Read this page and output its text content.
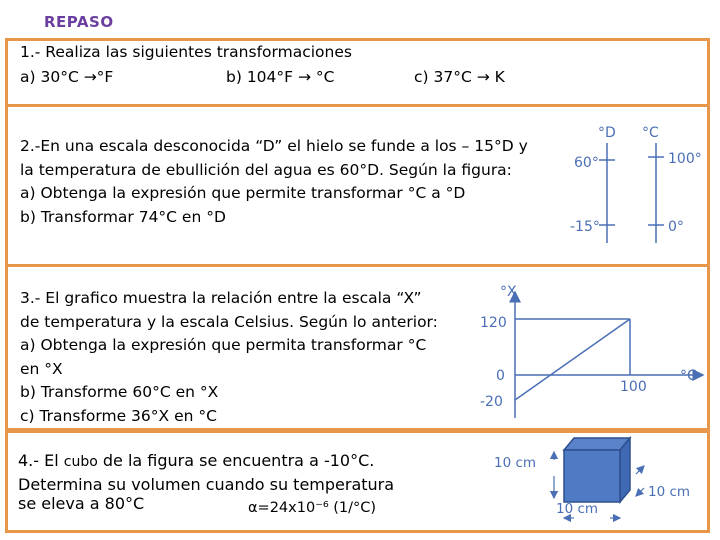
REPASO
1.- Realiza las siguientes transformaciones
a) 30°C →°F	b) 104°F → °C	c) 37°C → K
2.-En una escala desconocida “D” el hielo se funde a los – 15°D y
la temperatura de ebullición del agua es 60°D. Según la figura:
a) Obtenga la expresión que permite transformar °C a °D
b) Transformar 74°C en °D
°D °C
60°	100°
-15°	0°
3.- El grafico muestra la relación entre la escala “X”
de temperatura y la escala Celsius. Según lo anterior:
a) Obtenga la expresión que permita transformar °C
en °X
b) Transforme 60°C en °X
c) Transforme 36°X en °C
°X
°C
120
0
-20
100
4.- El cubo de la figura se encuentra a -10°C.
Determina su volumen cuando su temperatura
se eleva a 80°C	α=24x10⁻⁶ (1/°C)
10 cm
10 cm
10 cm
